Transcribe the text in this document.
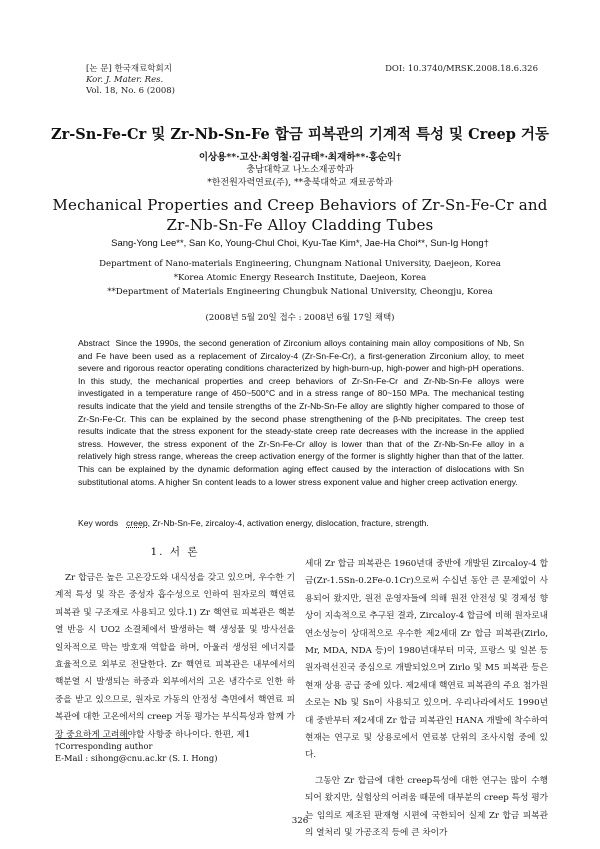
[논 문] 한국재료학회지
Kor. J. Mater. Res.
Vol. 18, No. 6 (2008)
DOI: 10.3740/MRSK.2008.18.6.326
Zr-Sn-Fe-Cr 및 Zr-Nb-Sn-Fe 합금 피복관의 기계적 특성 및 Creep 거동
이상용**·고산·최영철·김규태*·최재하**·홍순익†
충남대학교 나노소재공학과
*한전원자력연료(주), **충북대학교 재료공학과
Mechanical Properties and Creep Behaviors of Zr-Sn-Fe-Cr and
Zr-Nb-Sn-Fe Alloy Cladding Tubes
Sang-Yong Lee**, San Ko, Young-Chul Choi, Kyu-Tae Kim*, Jae-Ha Choi**, Sun-Ig Hong†
Department of Nano-materials Engineering, Chungnam National University, Daejeon, Korea
*Korea Atomic Energy Research Institute, Daejeon, Korea
**Department of Materials Engineering Chungbuk National University, Cheongju, Korea
(2008년 5월 20일 접수 : 2008년 6월 17일 채택)
Abstract Since the 1990s, the second generation of Zirconium alloys containing main alloy compositions of Nb, Sn and Fe have been used as a replacement of Zircaloy-4 (Zr-Sn-Fe-Cr), a first-generation Zirconium alloy, to meet severe and rigorous reactor operating conditions characterized by high-burn-up, high-power and high-pH operations. In this study, the mechanical properties and creep behaviors of Zr-Sn-Fe-Cr and Zr-Nb-Sn-Fe alloys were investigated in a temperature range of 450~500°C and in a stress range of 80~150 MPa. The mechanical testing results indicate that the yield and tensile strengths of the Zr-Nb-Sn-Fe alloy are slightly higher compared to those of Zr-Sn-Fe-Cr. This can be explained by the second phase strengthening of the β-Nb precipitates. The creep test results indicate that the stress exponent for the steady-state creep rate decreases with the increase in the applied stress. However, the stress exponent of the Zr-Sn-Fe-Cr alloy is lower than that of the Zr-Nb-Sn-Fe alloy in a relatively high stress range, whereas the creep activation energy of the former is slightly higher than that of the latter. This can be explained by the dynamic deformation aging effect caused by the interaction of dislocations with Sn substitutional atoms. A higher Sn content leads to a lower stress exponent value and higher creep activation energy.
Key words creep, Zr-Nb-Sn-Fe, zircaloy-4, activation energy, dislocation, fracture, strength.
1. 서 론

Zr 합금은 높은 고온강도와 내식성을 갖고 있으며, 우수한 기계적 특성 및 작은 중성자 흡수성으로 인하여 원자로의 핵연료 피복관 및 구조재로 사용되고 있다.1) Zr 핵연료 피복관은 핵분열 반응 시 UO2 소결체에서 발생하는 핵 생성물 및 방사선을 일차적으로 막는 방호재 역할을 하며, 아울러 생성된 에너지를 효율적으로 외부로 전달한다. Zr 핵연료 피복관은 내부에서의 핵분열 시 발생되는 하중과 외부에서의 고온 냉각수로 인한 하중을 받고 있으므로, 원자로 가동의 안정성 측면에서 핵연료 피복관에 대한 고온에서의 creep 거동 평가는 부식특성과 함께 가장 중요하게 고려해야할 사항중 하나이다. 한편, 제1

세대 Zr 합금 피복관은 1960년대 중반에 개발된 Zircaloy-4 합금(Zr-1.5Sn-0.2Fe-0.1Cr)으로써 수십년 동안 큰 문제없이 사용되어 왔지만, 원전 운영자들에 의해 원전 안전성 및 경제성 향상이 지속적으로 추구된 결과, Zircaloy-4 합금에 비해 원자로내 연소성능이 상대적으로 우수한 제2세대 Zr 합금 피복관(Zirlo, Mr, MDA, NDA 등)이 1980년대부터 미국, 프랑스 및 일본 등 원자력선진국 중심으로 개발되었으며 Zirlo 및 M5 피복관 등은 현재 상용 공급 중에 있다. 제2세대 핵연료 피복관의 주요 첨가원소로는 Nb 및 Sn이 사용되고 있으며. 우리나라에서도 1990년대 중반부터 제2세대 Zr 합금 피복관인 HANA 개발에 착수하여 현재는 연구로 및 상용로에서 연료봉 단위의 조사시험 중에 있다.

그동안 Zr 합금에 대한 creep특성에 대한 연구는 많이 수행되어 왔지만, 실험상의 어려움 때문에 대부분의 creep 특성 평가는 임의로 제조된 판재형 시편에 국한되어 실제 Zr 합금 피복관의 열처리 및 가공조직 등에 큰 차이가

†Corresponding author
E-Mail : sihong@cnu.ac.kr (S. I. Hong)
326
